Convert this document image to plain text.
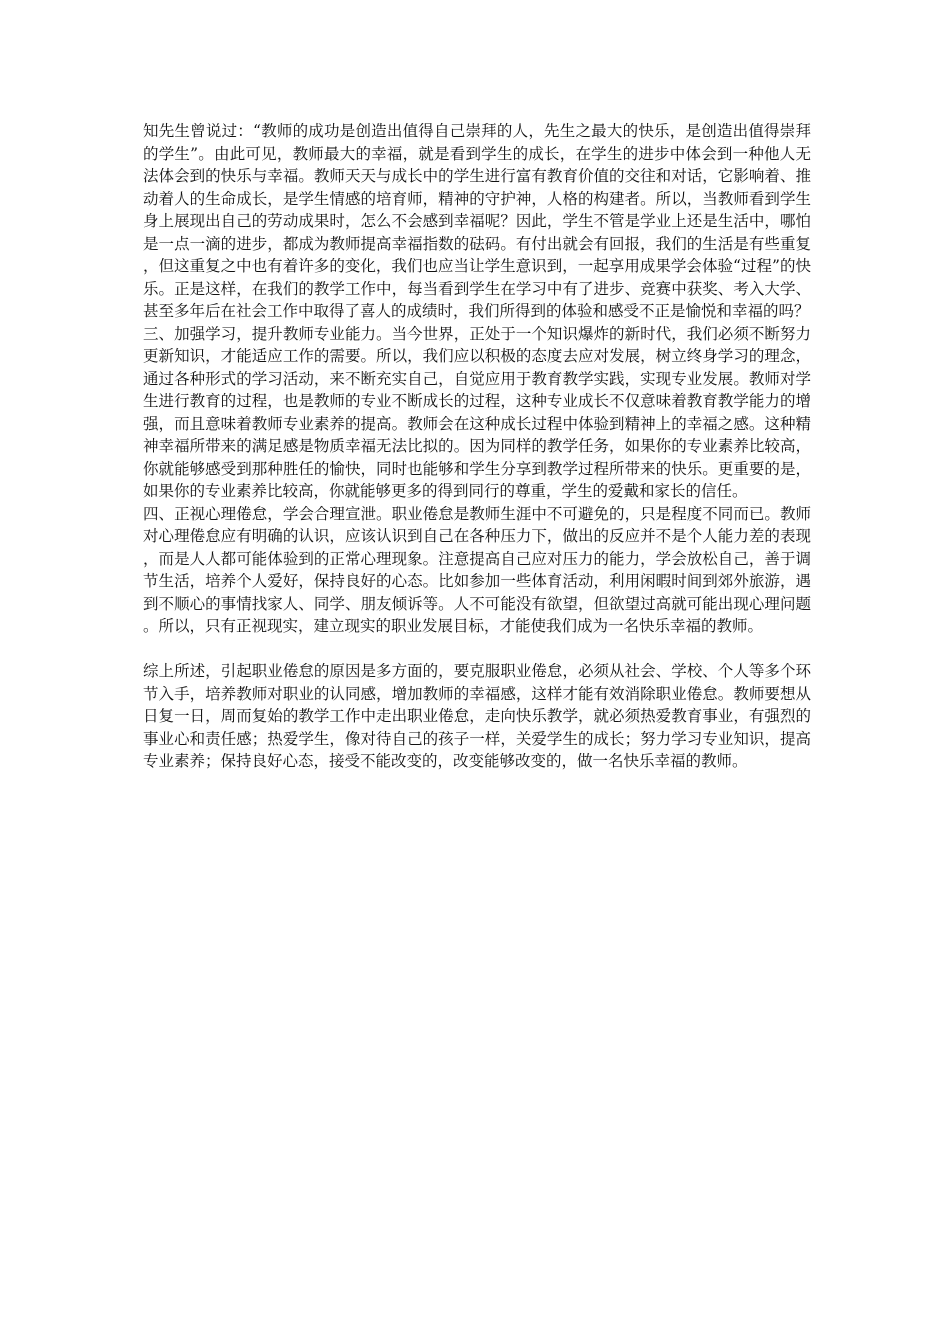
知先生曾说过：“教师的成功是创造出值得自己崇拜的人，先生之最大的快乐，是创造出值得崇拜的学生”。由此可见，教师最大的幸福，就是看到学生的成长，在学生的进步中体会到一种他人无法体会到的快乐与幸福。教师天天与成长中的学生进行富有教育价值的交往和对话，它影响着、推动着人的生命成长，是学生情感的培育师，精神的守护神，人格的构建者。所以，当教师看到学生身上展现出自己的劳动成果时，怎么不会感到幸福呢？因此，学生不管是学业上还是生活中，哪怕是一点一滴的进步，都成为教师提高幸福指数的砝码。有付出就会有回报，我们的生活是有些重复，但这重复之中也有着许多的变化，我们也应当让学生意识到，一起享用成果学会体验“过程”的快乐。正是这样，在我们的教学工作中，每当看到学生在学习中有了进步、竞赛中获奖、考入大学、甚至多年后在社会工作中取得了喜人的成绩时，我们所得到的体验和感受不正是愉悦和幸福的吗？

三、加强学习，提升教师专业能力。当今世界，正处于一个知识爆炸的新时代，我们必须不断努力更新知识，才能适应工作的需要。所以，我们应以积极的态度去应对发展，树立终身学习的理念，通过各种形式的学习活动，来不断充实自己，自觉应用于教育教学实践，实现专业发展。教师对学生进行教育的过程，也是教师的专业不断成长的过程，这种专业成长不仅意味着教育教学能力的增强，而且意味着教师专业素养的提高。教师会在这种成长过程中体验到精神上的幸福之感。这种精神幸福所带来的满足感是物质幸福无法比拟的。因为同样的教学任务，如果你的专业素养比较高，你就能够感受到那种胜任的愉快，同时也能够和学生分享到教学过程所带来的快乐。更重要的是，如果你的专业素养比较高，你就能够更多的得到同行的尊重，学生的爱戴和家长的信任。

四、正视心理倦怠，学会合理宣泄。职业倦怠是教师生涯中不可避免的，只是程度不同而已。教师对心理倦怠应有明确的认识，应该认识到自己在各种压力下，做出的反应并不是个人能力差的表现，而是人人都可能体验到的正常心理现象。注意提高自己应对压力的能力，学会放松自己，善于调节生活，培养个人爱好，保持良好的心态。比如参加一些体育活动，利用闲暇时间到郊外旅游，遇到不顺心的事情找家人、同学、朋友倾诉等。人不可能没有欲望，但欲望过高就可能出现心理问题。所以，只有正视现实，建立现实的职业发展目标，才能使我们成为一名快乐幸福的教师。

综上所述，引起职业倦怠的原因是多方面的，要克服职业倦怠，必须从社会、学校、个人等多个环节入手，培养教师对职业的认同感，增加教师的幸福感，这样才能有效消除职业倦怠。教师要想从日复一日，周而复始的教学工作中走出职业倦怠，走向快乐教学，就必须热爱教育事业，有强烈的事业心和责任感；热爱学生，像对待自己的孩子一样，关爱学生的成长；努力学习专业知识，提高专业素养；保持良好心态，接受不能改变的，改变能够改变的，做一名快乐幸福的教师。
